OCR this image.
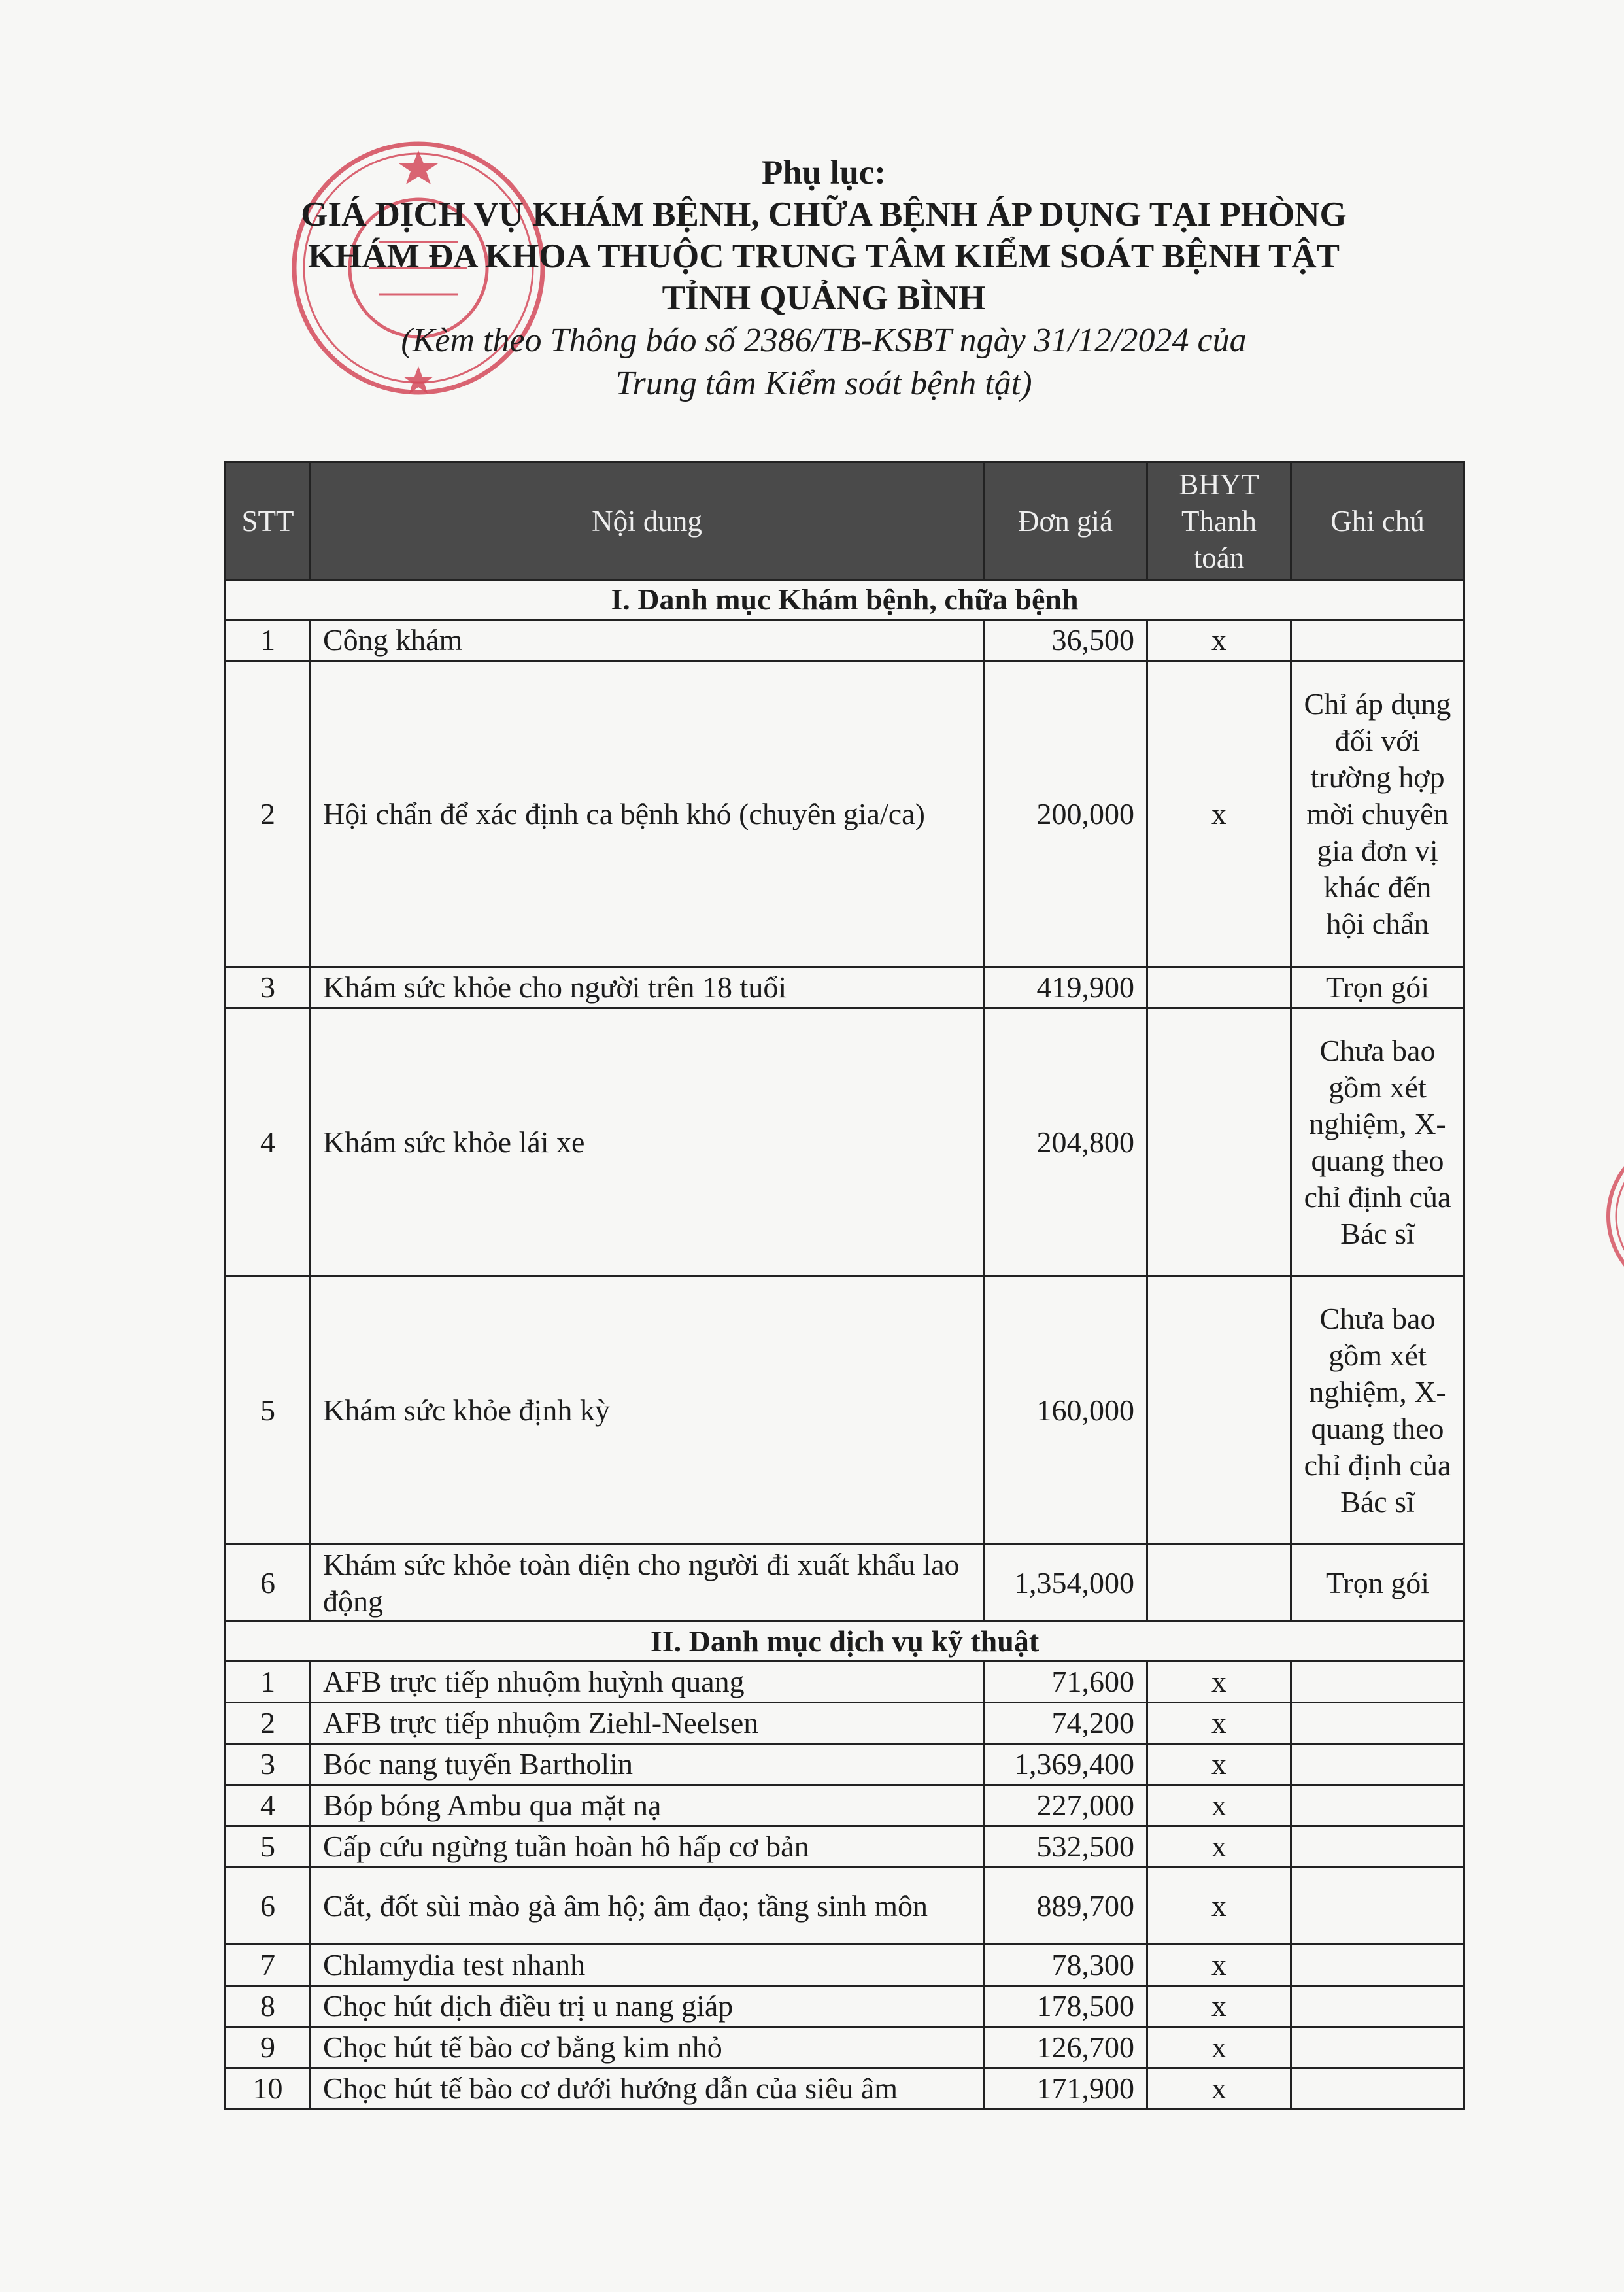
Phụ lục:
GIÁ DỊCH VỤ KHÁM BỆNH, CHỮA BỆNH ÁP DỤNG TẠI PHÒNG
KHÁM ĐA KHOA THUỘC TRUNG TÂM KIỂM SOÁT BỆNH TẬT
TỈNH QUẢNG BÌNH
(Kèm theo Thông báo số 2386/TB-KSBT ngày 31/12/2024 của
Trung tâm Kiểm soát bệnh tật)
STT	Nội dung	Đơn giá	BHYT Thanh toán	Ghi chú
I. Danh mục Khám bệnh, chữa bệnh				
1	Công khám	36,500	x	
2	Hội chẩn để xác định ca bệnh khó (chuyên gia/ca)	200,000	x	Chỉ áp dụng đối với trường hợp mời chuyên gia đơn vị khác đến hội chẩn
3	Khám sức khỏe cho người trên 18 tuổi	419,900		Trọn gói
4	Khám sức khỏe lái xe	204,800		Chưa bao gồm xét nghiệm, X-quang theo chỉ định của Bác sĩ
5	Khám sức khỏe định kỳ	160,000		Chưa bao gồm xét nghiệm, X-quang theo chỉ định của Bác sĩ
6	Khám sức khỏe toàn diện cho người đi xuất khẩu lao động	1,354,000		Trọn gói
II. Danh mục dịch vụ kỹ thuật				
1	AFB trực tiếp nhuộm huỳnh quang	71,600	x	
2	AFB trực tiếp nhuộm Ziehl-Neelsen	74,200	x	
3	Bóc nang tuyến Bartholin	1,369,400	x	
4	Bóp bóng Ambu qua mặt nạ	227,000	x	
5	Cấp cứu ngừng tuần hoàn hô hấp cơ bản	532,500	x	
6	Cắt, đốt sùi mào gà âm hộ; âm đạo; tầng sinh môn	889,700	x	
7	Chlamydia test nhanh	78,300	x	
8	Chọc hút dịch điều trị u nang giáp	178,500	x	
9	Chọc hút tế bào cơ bằng kim nhỏ	126,700	x	
10	Chọc hút tế bào cơ dưới hướng dẫn của siêu âm	171,900	x	
